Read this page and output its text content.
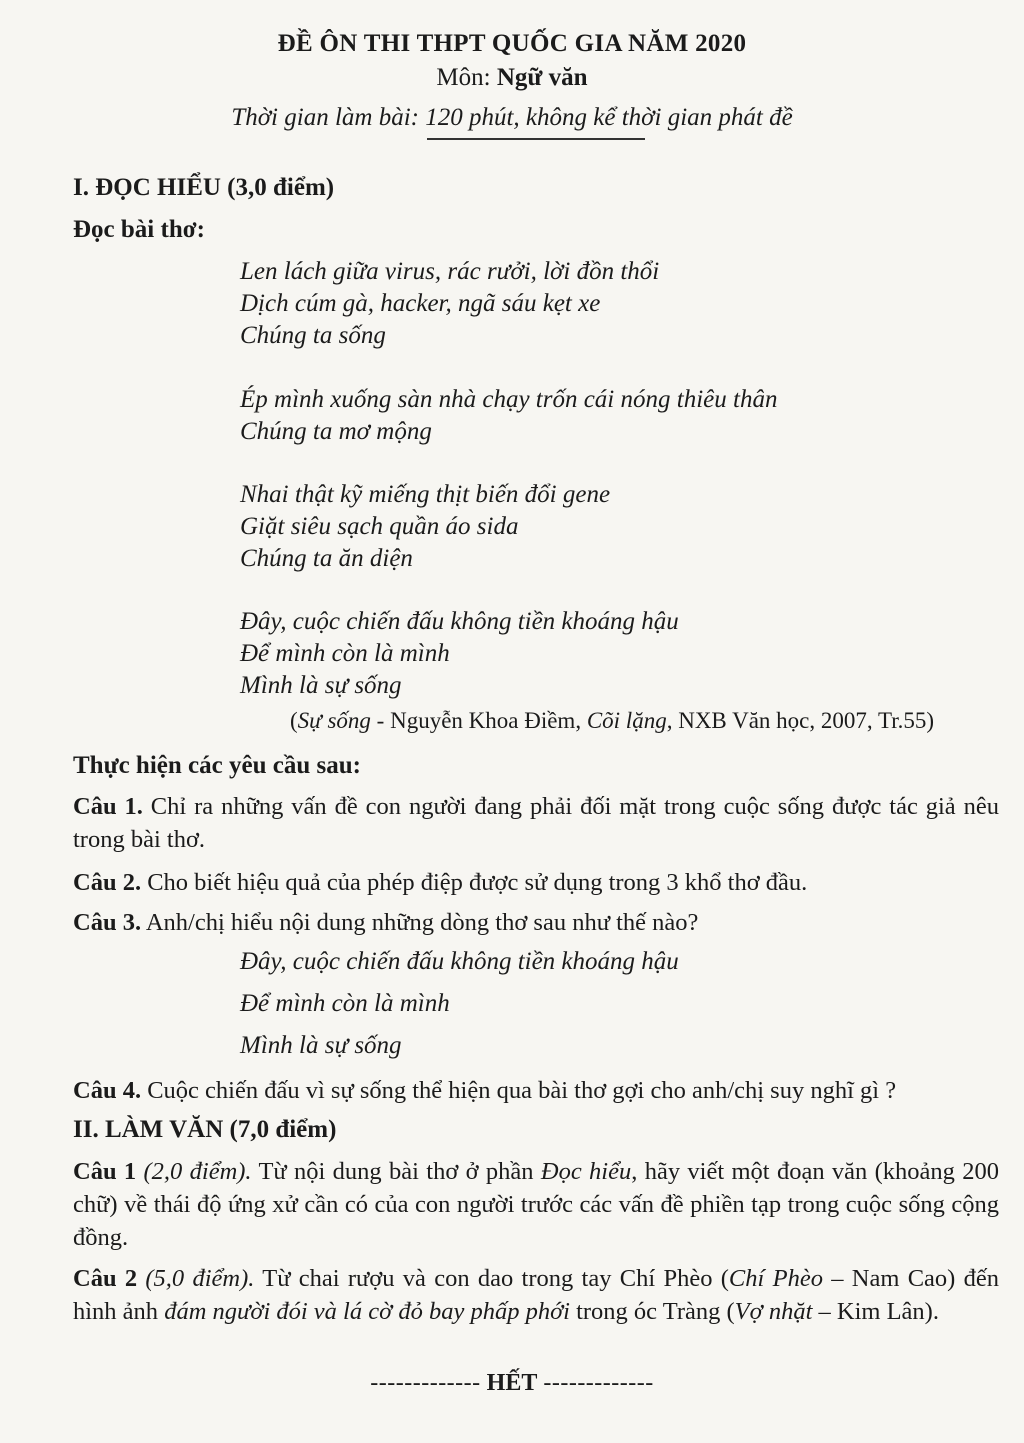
ĐỀ ÔN THI THPT QUỐC GIA NĂM 2020
Môn: Ngữ văn
Thời gian làm bài: 120 phút, không kể thời gian phát đề
I. ĐỌC HIỂU (3,0 điểm)
Đọc bài thơ:
Len lách giữa virus, rác rưởi, lời đồn thổi
Dịch cúm gà, hacker, ngã sáu kẹt xe
Chúng ta sống
Ép mình xuống sàn nhà chạy trốn cái nóng thiêu thân
Chúng ta mơ mộng
Nhai thật kỹ miếng thịt biến đổi gene
Giặt siêu sạch quần áo sida
Chúng ta ăn diện
Đây, cuộc chiến đấu không tiền khoáng hậu
Để mình còn là mình
Mình là sự sống
(Sự sống - Nguyễn Khoa Điềm, Cõi lặng, NXB Văn học, 2007, Tr.55)
Thực hiện các yêu cầu sau:
Câu 1. Chỉ ra những vấn đề con người đang phải đối mặt trong cuộc sống được tác giả nêu trong bài thơ.
Câu 2. Cho biết hiệu quả của phép điệp được sử dụng trong 3 khổ thơ đầu.
Câu 3. Anh/chị hiểu nội dung những dòng thơ sau như thế nào?
Đây, cuộc chiến đấu không tiền khoáng hậu
Để mình còn là mình
Mình là sự sống
Câu 4. Cuộc chiến đấu vì sự sống thể hiện qua bài thơ gợi cho anh/chị suy nghĩ gì ?
II. LÀM VĂN (7,0 điểm)
Câu 1 (2,0 điểm). Từ nội dung bài thơ ở phần Đọc hiểu, hãy viết một đoạn văn (khoảng 200 chữ) về thái độ ứng xử cần có của con người trước các vấn đề phiền tạp trong cuộc sống cộng đồng.
Câu 2 (5,0 điểm). Từ chai rượu và con dao trong tay Chí Phèo (Chí Phèo – Nam Cao) đến hình ảnh đám người đói và lá cờ đỏ bay phấp phới trong óc Tràng (Vợ nhặt – Kim Lân).
------------- HẾT -------------
